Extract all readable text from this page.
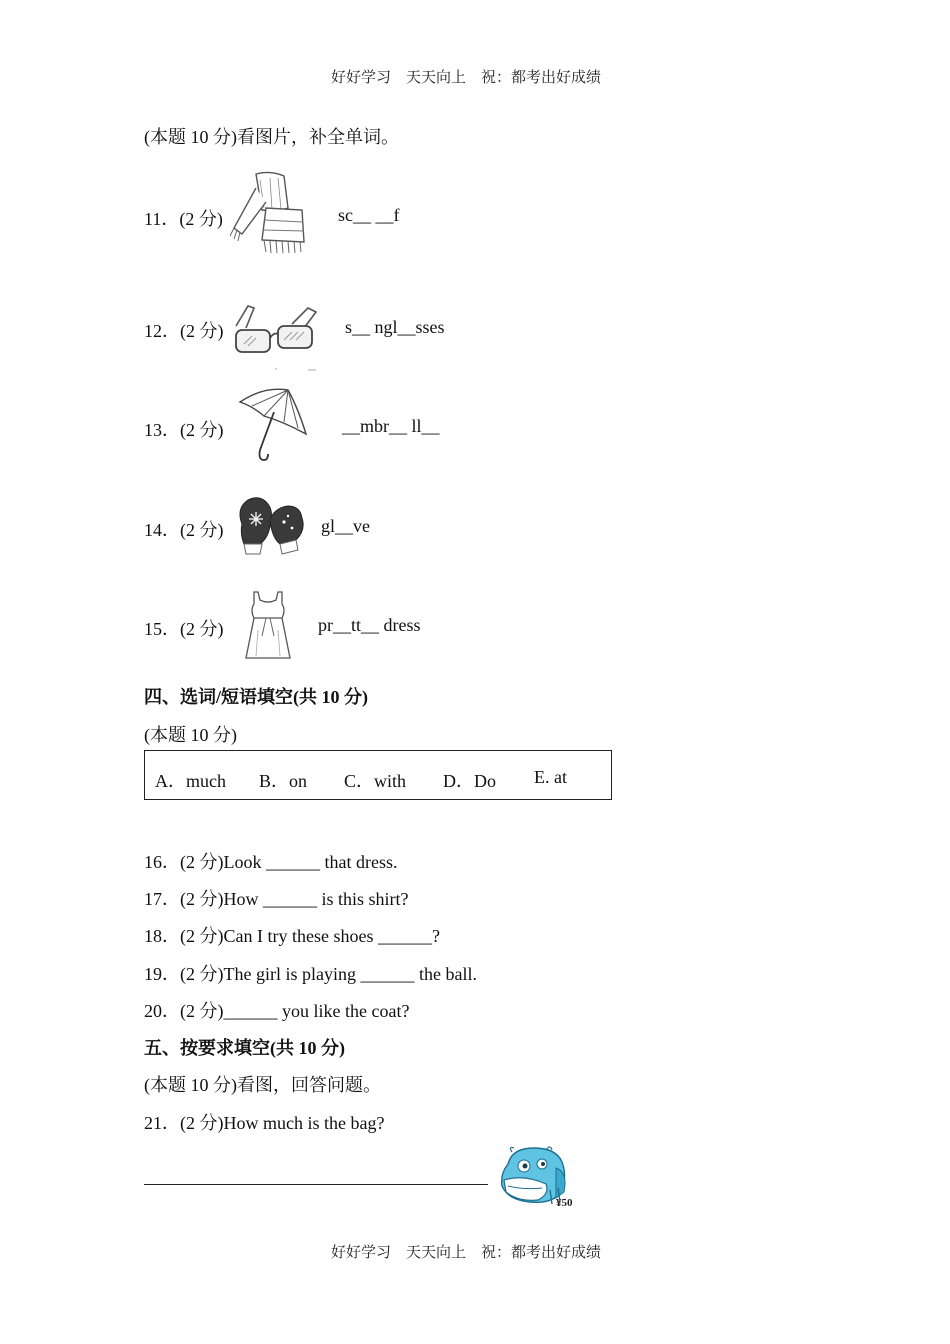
好好学习　天天向上　祝：都考出好成绩
(本题 10 分)看图片，补全单词。
11．(2 分)	sc__ __f
12．(2 分)	s__ ngl__sses
13．(2 分)	__mbr__ ll__
14．(2 分)	gl__ve
15．(2 分)	pr__tt__ dress
四、选词/短语填空(共 10 分)
(本题 10 分)
A．much B．on C．with D．Do E. at
16．(2 分)Look ______ that dress.
17．(2 分)How ______ is this shirt?
18．(2 分)Can I try these shoes ______?
19．(2 分)The girl is playing ______ the ball.
20．(2 分)______ you like the coat?
五、按要求填空(共 10 分)
(本题 10 分)看图，回答问题。
21．(2 分)How much is the bag?
¥50
好好学习　天天向上　祝：都考出好成绩
